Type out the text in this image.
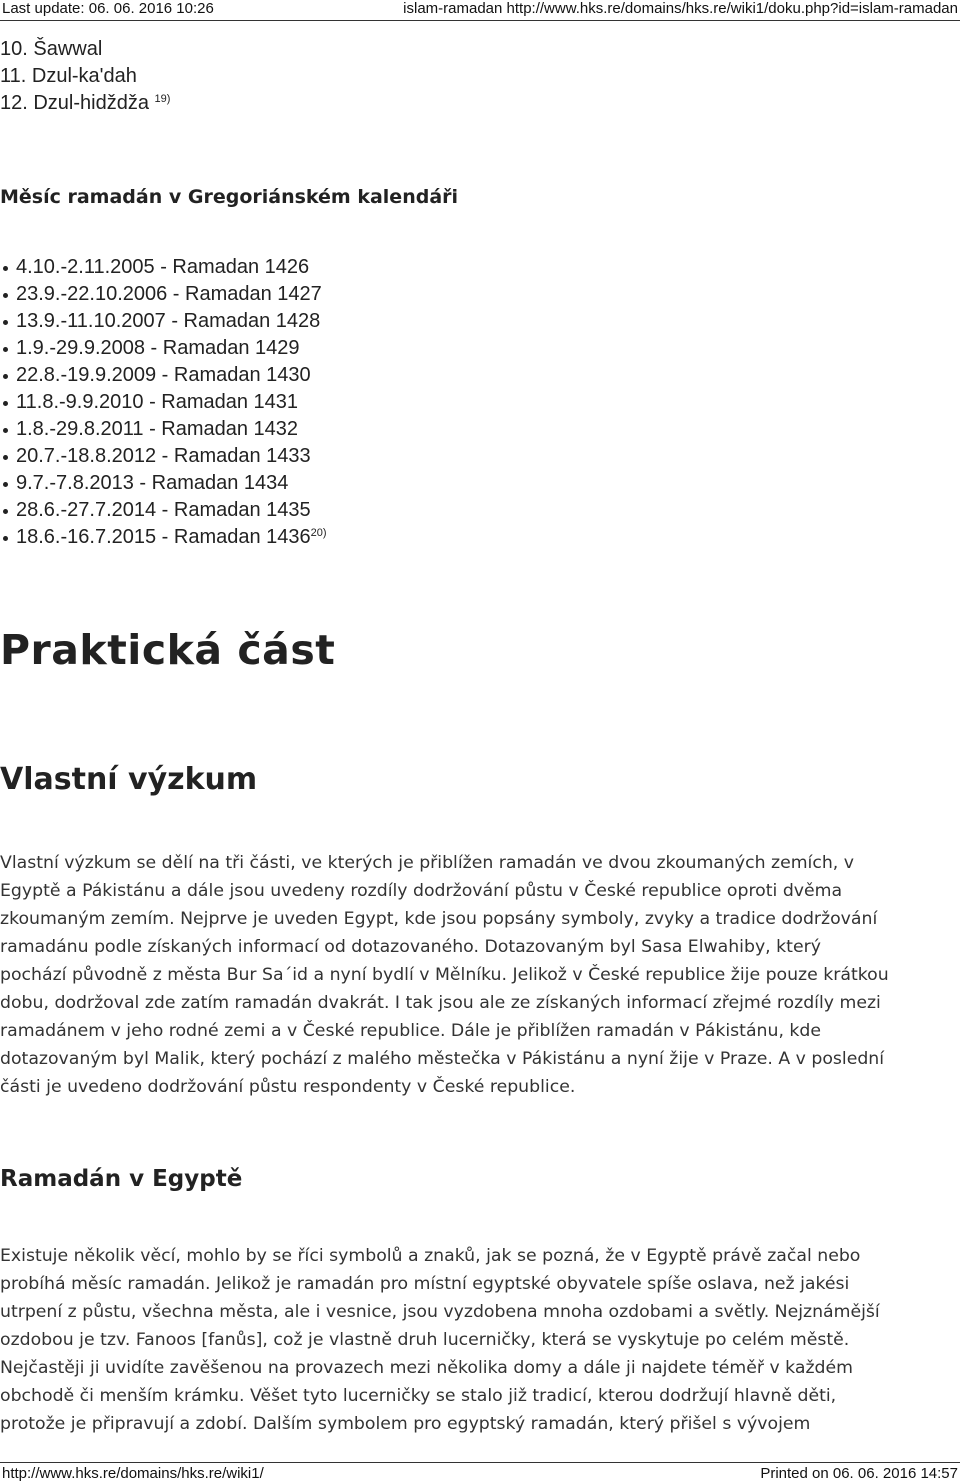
Last update: 06. 06. 2016 10:26	islam-ramadan http://www.hks.re/domains/hks.re/wiki1/doku.php?id=islam-ramadan
10. Šawwal
11. Dzul-ka'dah
12. Dzul-hidždža $^{19)}$
Měsíc ramadán v Gregoriánském kalendáři
4.10.-2.11.2005 - Ramadan 1426
23.9.-22.10.2006 - Ramadan 1427
13.9.-11.10.2007 - Ramadan 1428
1.9.-29.9.2008 - Ramadan 1429
22.8.-19.9.2009 - Ramadan 1430
11.8.-9.9.2010 - Ramadan 1431
1.8.-29.8.2011 - Ramadan 1432
20.7.-18.8.2012 - Ramadan 1433
9.7.-7.8.2013 - Ramadan 1434
28.6.-27.7.2014 - Ramadan 1435
18.6.-16.7.2015 - Ramadan 1436$^{20)}$
Praktická část
Vlastní výzkum

Vlastní výzkum se dělí na tři části, ve kterých je přiblížen ramadán ve dvou zkoumaných zemích, v
Egyptě a Pákistánu a dále jsou uvedeny rozdíly dodržování půstu v České republice oproti dvěma
zkoumaným zemím. Nejprve je uveden Egypt, kde jsou popsány symboly, zvyky a tradice dodržování
ramadánu podle získaných informací od dotazovaného. Dotazovaným byl Sasa Elwahiby, který
pochází původně z města Bur Sa´id a nyní bydlí v Mělníku. Jelikož v České republice žije pouze krátkou
dobu, dodržoval zde zatím ramadán dvakrát. I tak jsou ale ze získaných informací zřejmé rozdíly mezi
ramadánem v jeho rodné zemi a v České republice. Dále je přiblížen ramadán v Pákistánu, kde
dotazovaným byl Malik, který pochází z malého městečka v Pákistánu a nyní žije v Praze. A v poslední
části je uvedeno dodržování půstu respondenty v České republice.

Ramadán v Egyptě

Existuje několik věcí, mohlo by se říci symbolů a znaků, jak se pozná, že v Egyptě právě začal nebo
probíhá měsíc ramadán. Jelikož je ramadán pro místní egyptské obyvatele spíše oslava, než jakési
utrpení z půstu, všechna města, ale i vesnice, jsou vyzdobena mnoha ozdobami a světly. Nejznámější
ozdobou je tzv. Fanoos [fanůs], což je vlastně druh lucerničky, která se vyskytuje po celém městě.
Nejčastěji ji uvidíte zavěšenou na provazech mezi několika domy a dále ji najdete téměř v každém
obchodě či menším krámku. Věšet tyto lucerničky se stalo již tradicí, kterou dodržují hlavně děti,
protože je připravují a zdobí. Dalším symbolem pro egyptský ramadán, který přišel s vývojem

http://www.hks.re/domains/hks.re/wiki1/	Printed on 06. 06. 2016 14:57
